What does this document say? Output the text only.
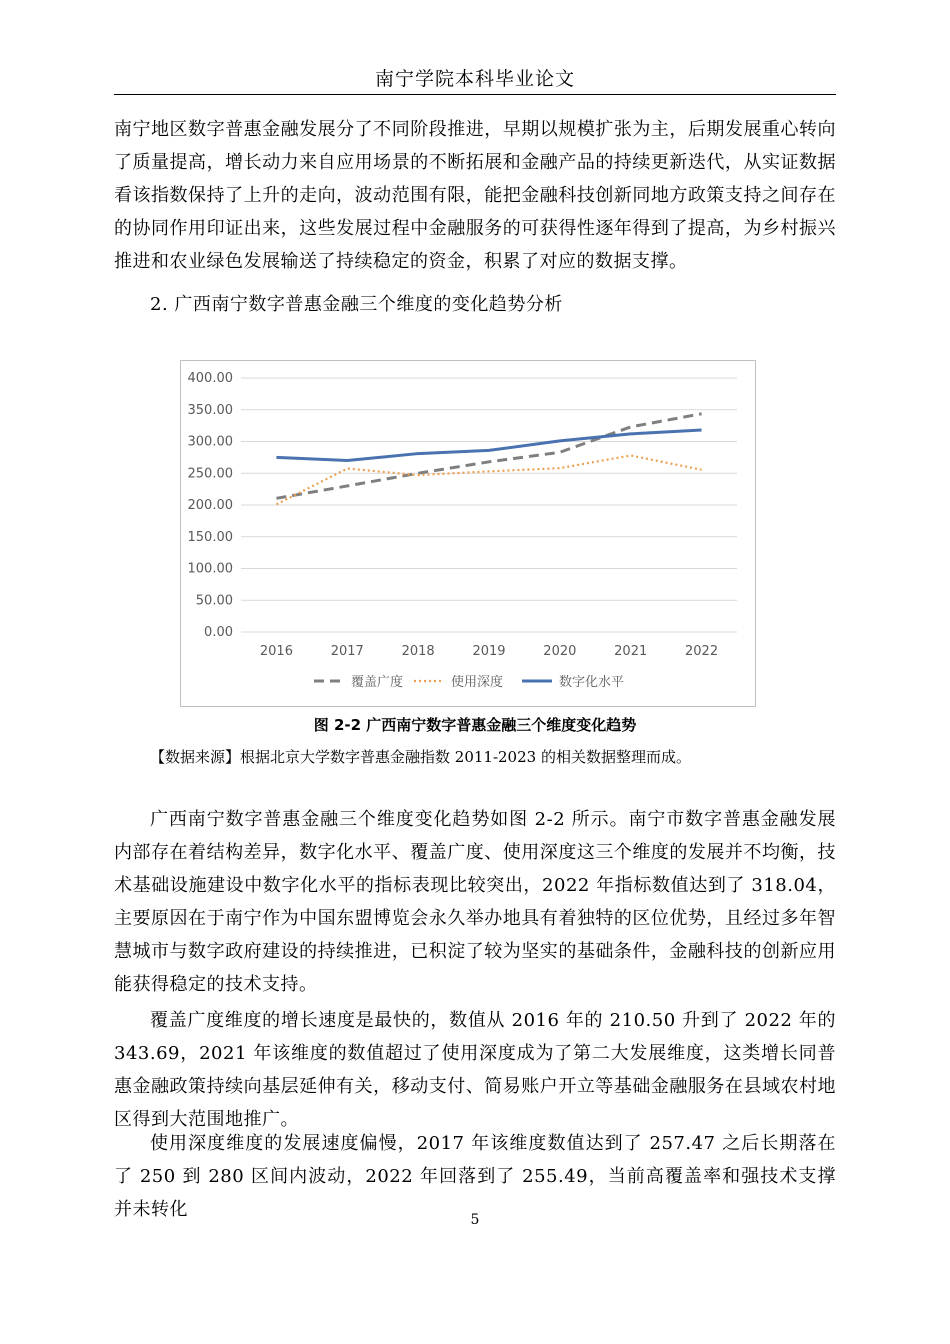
南宁学院本科毕业论文
南宁地区数字普惠金融发展分了不同阶段推进，早期以规模扩张为主，后期发展重心转向了质量提高，增长动力来自应用场景的不断拓展和金融产品的持续更新迭代，从实证数据看该指数保持了上升的走向，波动范围有限，能把金融科技创新同地方政策支持之间存在的协同作用印证出来，这些发展过程中金融服务的可获得性逐年得到了提高，为乡村振兴推进和农业绿色发展输送了持续稳定的资金，积累了对应的数据支撑。
2. 广西南宁数字普惠金融三个维度的变化趋势分析
0.00
50.00
100.00
150.00
200.00
250.00
300.00
350.00
400.00
2016	2017	2018	2019	2020	2021	2022
覆盖广度	使用深度	数字化水平
图 2-2 广西南宁数字普惠金融三个维度变化趋势
【数据来源】根据北京大学数字普惠金融指数 2011-2023 的相关数据整理而成。
广西南宁数字普惠金融三个维度变化趋势如图 2-2 所示。南宁市数字普惠金融发展内部存在着结构差异，数字化水平、覆盖广度、使用深度这三个维度的发展并不均衡，技术基础设施建设中数字化水平的指标表现比较突出，2022 年指标数值达到了 318.04，主要原因在于南宁作为中国东盟博览会永久举办地具有着独特的区位优势，且经过多年智慧城市与数字政府建设的持续推进，已积淀了较为坚实的基础条件，金融科技的创新应用能获得稳定的技术支持。
覆盖广度维度的增长速度是最快的，数值从 2016 年的 210.50 升到了 2022 年的 343.69，2021 年该维度的数值超过了使用深度成为了第二大发展维度，这类增长同普惠金融政策持续向基层延伸有关，移动支付、简易账户开立等基础金融服务在县域农村地区得到大范围地推广。
使用深度维度的发展速度偏慢，2017 年该维度数值达到了 257.47 之后长期落在了 250 到 280 区间内波动，2022 年回落到了 255.49，当前高覆盖率和强技术支撑并未转化	5
